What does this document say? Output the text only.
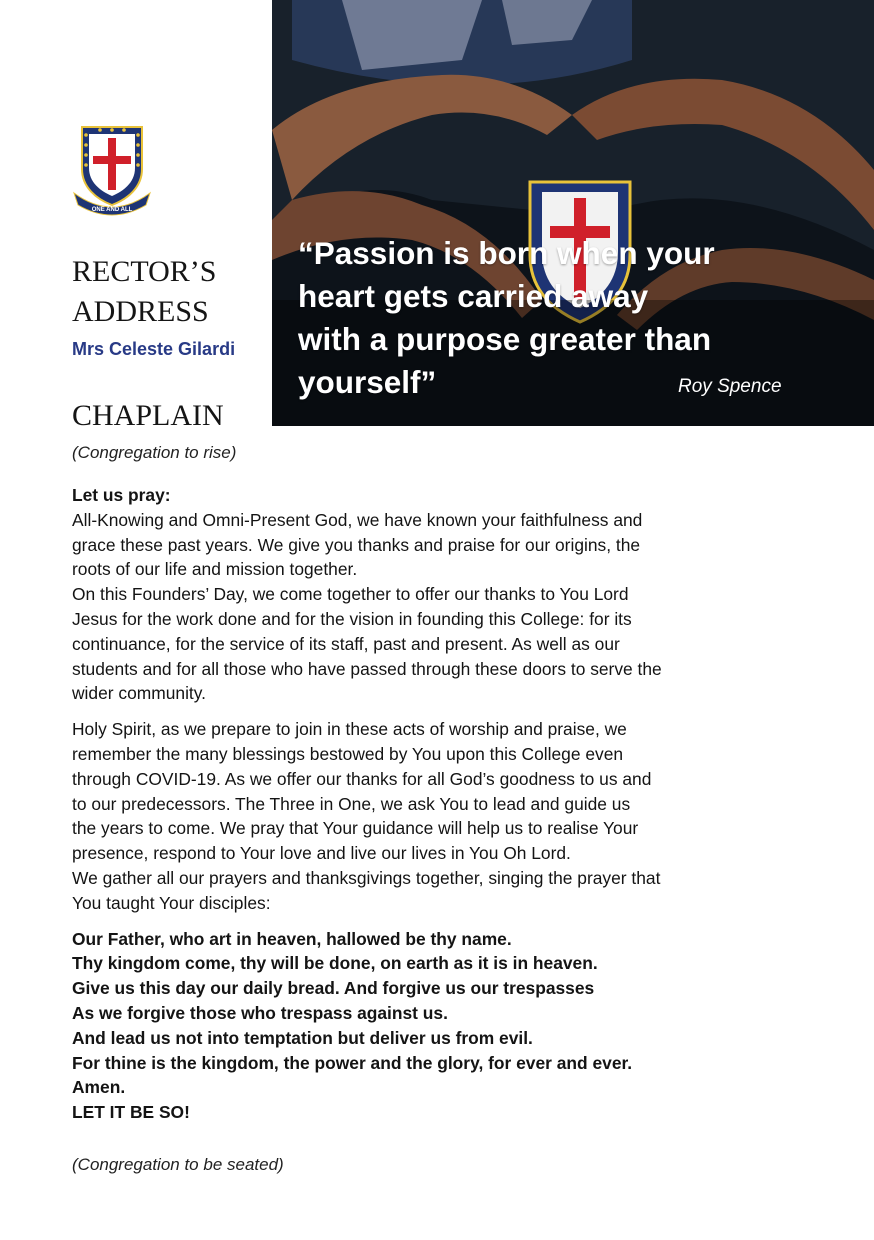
ONE AND ALL
“Passion is born when your
heart gets carried away
with a purpose greater than
yourself”	Roy Spence
RECTOR’S
ADDRESS

Mrs Celeste Gilardi

CHAPLAIN

(Congregation to rise)

Let us pray:

All-Knowing and Omni-Present God, we have known your faithfulness and
grace these past years. We give you thanks and praise for our origins, the
roots of our life and mission together.
On this Founders’ Day, we come together to offer our thanks to You Lord
Jesus for the work done and for the vision in founding this College: for its
continuance, for the service of its staff, past and present. As well as our
students and for all those who have passed through these doors to serve the
wider community.
Holy Spirit, as we prepare to join in these acts of worship and praise, we
remember the many blessings bestowed by You upon this College even
through COVID-19. As we offer our thanks for all God’s goodness to us and
to our predecessors. The Three in One, we ask You to lead and guide us
the years to come. We pray that Your guidance will help us to realise Your
presence, respond to Your love and live our lives in You Oh Lord.
We gather all our prayers and thanksgivings together, singing the prayer that
You taught Your disciples:
Our Father, who art in heaven, hallowed be thy name.
Thy kingdom come, thy will be done, on earth as it is in heaven.
Give us this day our daily bread. And forgive us our trespasses
As we forgive those who trespass against us.
And lead us not into temptation but deliver us from evil.
For thine is the kingdom, the power and the glory, for ever and ever.
Amen.

LET IT BE SO!

(Congregation to be seated)
